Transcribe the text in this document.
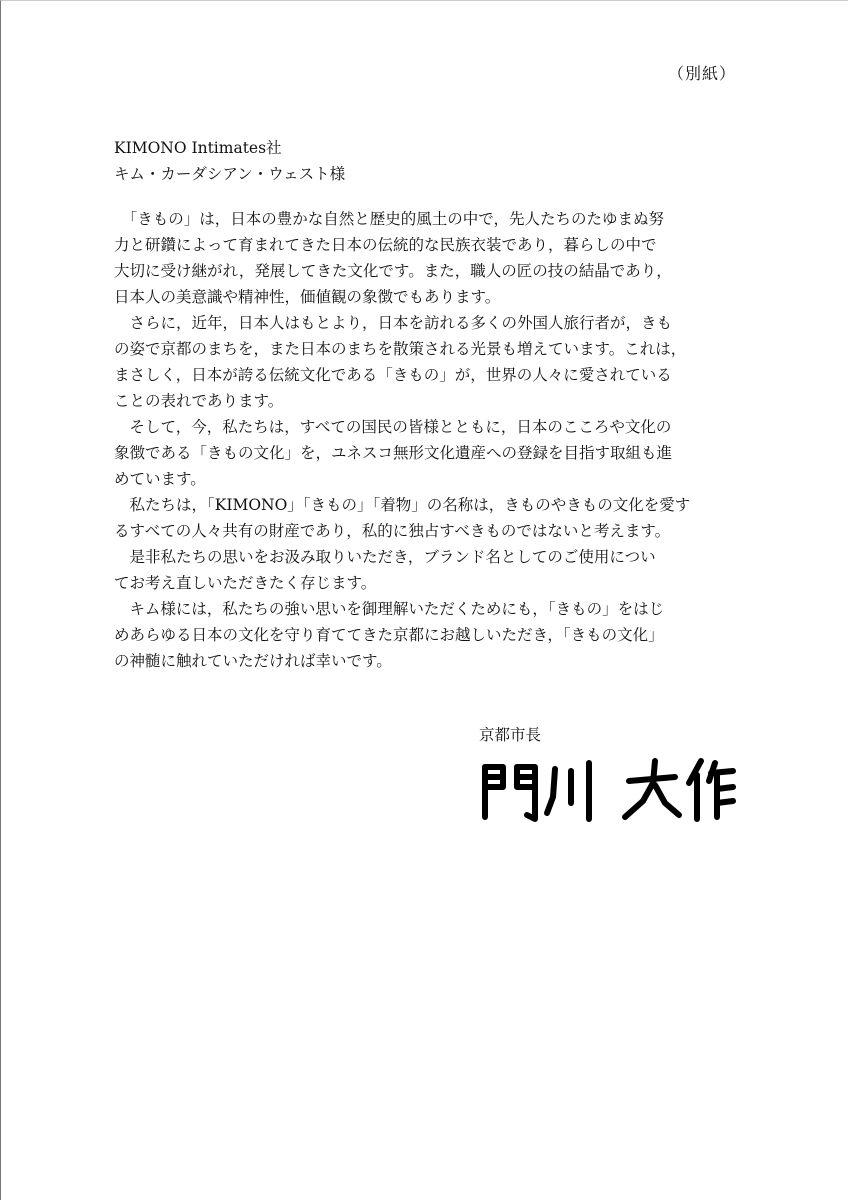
（別紙）
KIMONO Intimates社
キム・カーダシアン・ウェスト様
　「きもの」は，日本の豊かな自然と歴史的風土の中で，先人たちのたゆまぬ努
力と研鑽によって育まれてきた日本の伝統的な民族衣装であり，暮らしの中で
大切に受け継がれ，発展してきた文化です。また，職人の匠の技の結晶であり，
日本人の美意識や精神性，価値観の象徴でもあります。
　さらに，近年，日本人はもとより，日本を訪れる多くの外国人旅行者が，きも
の姿で京都のまちを，また日本のまちを散策される光景も増えています。これは，
まさしく，日本が誇る伝統文化である「きもの」が，世界の人々に愛されている
ことの表れであります。
　そして，今，私たちは，すべての国民の皆様とともに，日本のこころや文化の
象徴である「きもの文化」を，ユネスコ無形文化遺産への登録を目指す取組も進
めています。
　私たちは，「KIMONO」「きもの」「着物」の名称は，きものやきもの文化を愛す
るすべての人々共有の財産であり，私的に独占すべきものではないと考えます。
　是非私たちの思いをお汲み取りいただき，ブランド名としてのご使用につい
てお考え直しいただきたく存じます。
　キム様には，私たちの強い思いを御理解いただくためにも，「きもの」をはじ
めあらゆる日本の文化を守り育ててきた京都にお越しいただき，「きもの文化」
の神髄に触れていただければ幸いです。
京都市長
